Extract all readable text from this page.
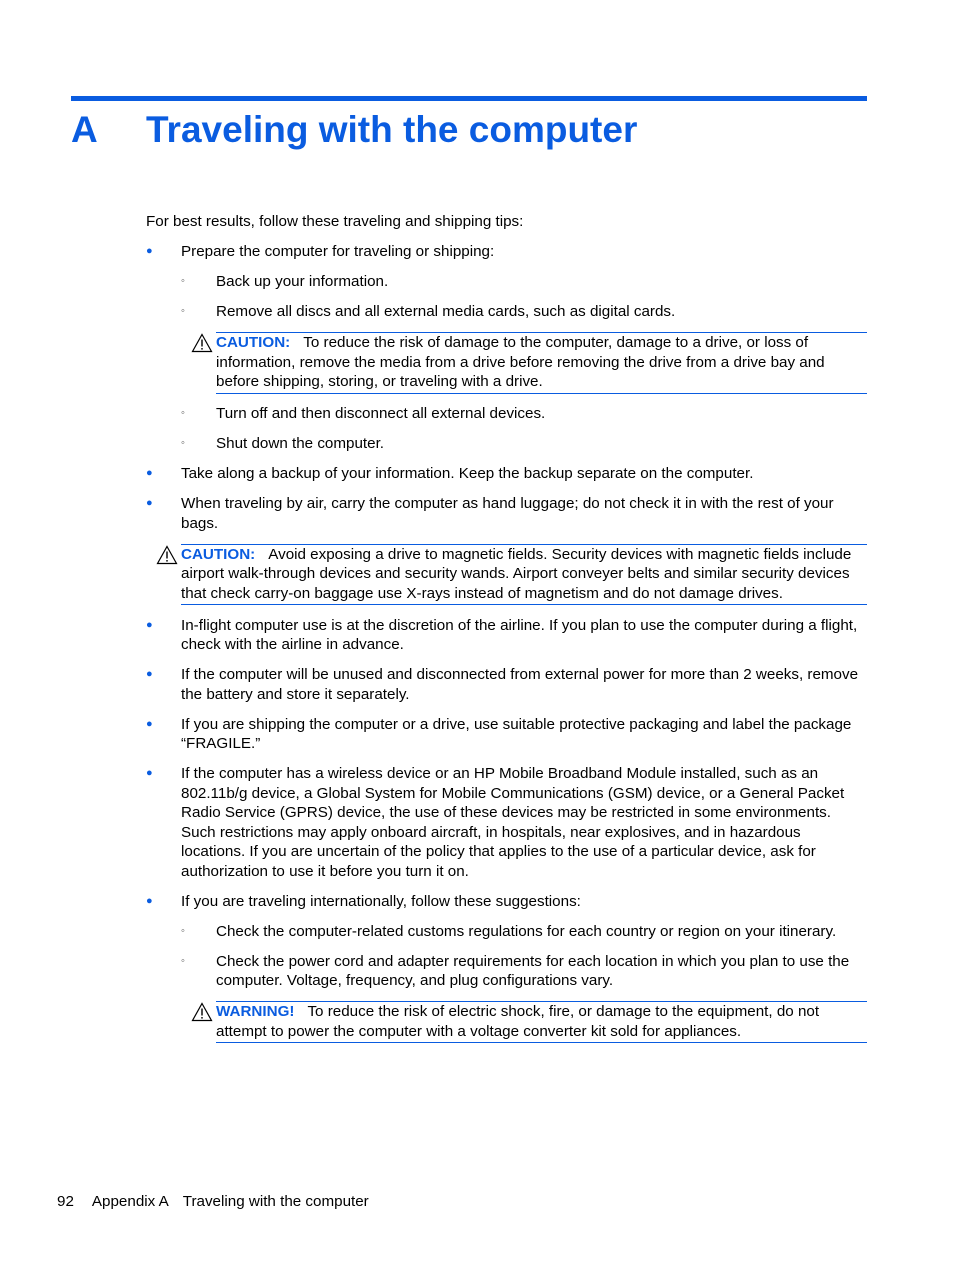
A Traveling with the computer

For best results, follow these traveling and shipping tips:

● Prepare the computer for traveling or shipping:
◦ Back up your information.
◦ Remove all discs and all external media cards, such as digital cards.
CAUTION: To reduce the risk of damage to the computer, damage to a drive, or loss of information, remove the media from a drive before removing the drive from a drive bay and before shipping, storing, or traveling with a drive.
◦ Turn off and then disconnect all external devices.
◦ Shut down the computer.
● Take along a backup of your information. Keep the backup separate on the computer.
● When traveling by air, carry the computer as hand luggage; do not check it in with the rest of your bags.
CAUTION: Avoid exposing a drive to magnetic fields. Security devices with magnetic fields include airport walk-through devices and security wands. Airport conveyer belts and similar security devices that check carry-on baggage use X-rays instead of magnetism and do not damage drives.
● In-flight computer use is at the discretion of the airline. If you plan to use the computer during a flight, check with the airline in advance.
● If the computer will be unused and disconnected from external power for more than 2 weeks, remove the battery and store it separately.
● If you are shipping the computer or a drive, use suitable protective packaging and label the package “FRAGILE.”
● If the computer has a wireless device or an HP Mobile Broadband Module installed, such as an 802.11b/g device, a Global System for Mobile Communications (GSM) device, or a General Packet Radio Service (GPRS) device, the use of these devices may be restricted in some environments. Such restrictions may apply onboard aircraft, in hospitals, near explosives, and in hazardous locations. If you are uncertain of the policy that applies to the use of a particular device, ask for authorization to use it before you turn it on.
● If you are traveling internationally, follow these suggestions:
◦ Check the computer-related customs regulations for each country or region on your itinerary.
◦ Check the power cord and adapter requirements for each location in which you plan to use the computer. Voltage, frequency, and plug configurations vary.
WARNING! To reduce the risk of electric shock, fire, or damage to the equipment, do not attempt to power the computer with a voltage converter kit sold for appliances.
92 Appendix A Traveling with the computer
